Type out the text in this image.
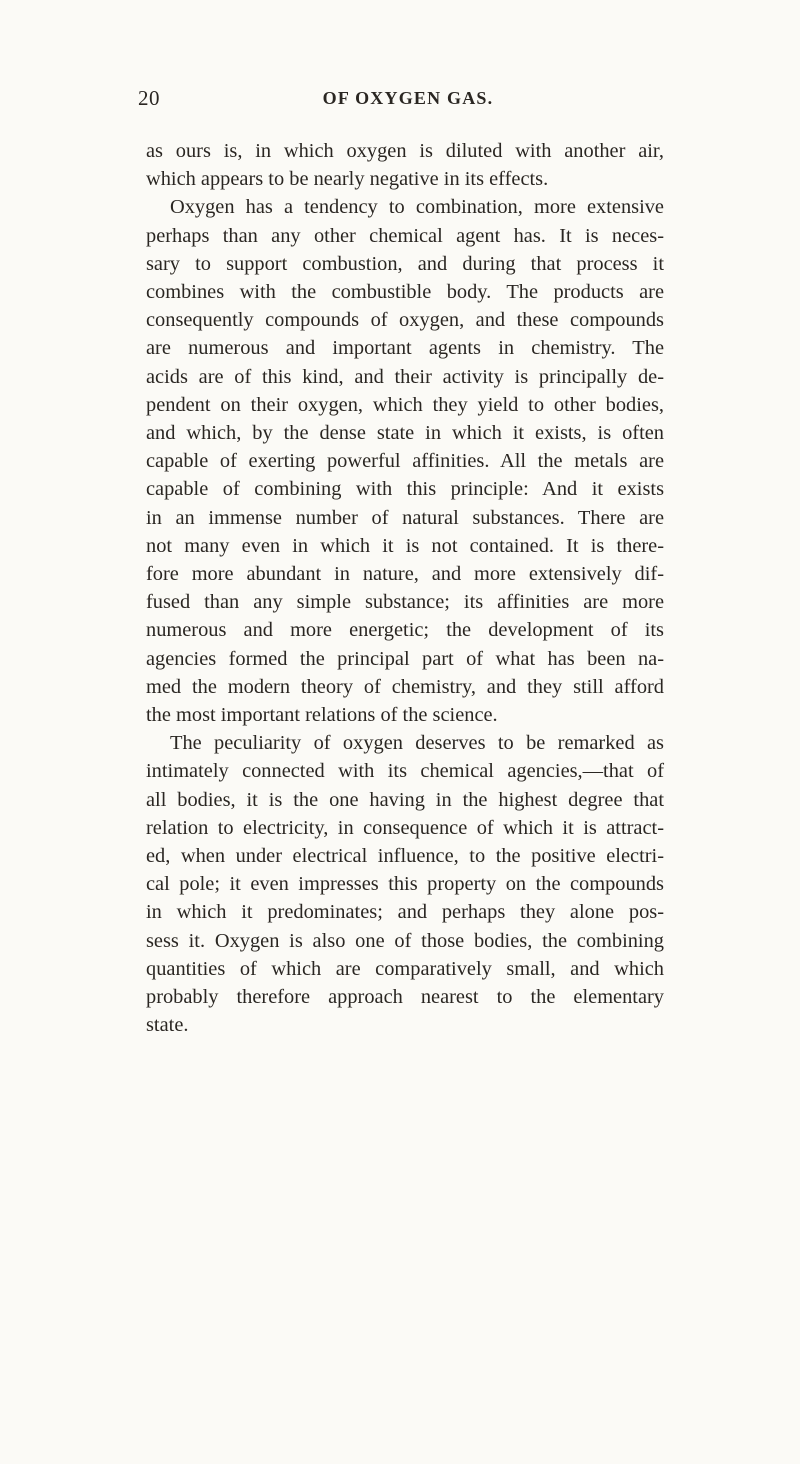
20	OF OXYGEN GAS.

as ours is, in which oxygen is diluted with another air,
which appears to be nearly negative in its effects.

Oxygen has a tendency to combination, more extensive
perhaps than any other chemical agent has. It is neces-
sary to support combustion, and during that process it
combines with the combustible body. The products are
consequently compounds of oxygen, and these compounds
are numerous and important agents in chemistry. The
acids are of this kind, and their activity is principally de-
pendent on their oxygen, which they yield to other bodies,
and which, by the dense state in which it exists, is often
capable of exerting powerful affinities. All the metals are
capable of combining with this principle: And it exists
in an immense number of natural substances. There are
not many even in which it is not contained. It is there-
fore more abundant in nature, and more extensively dif-
fused than any simple substance; its affinities are more
numerous and more energetic; the development of its
agencies formed the principal part of what has been na-
med the modern theory of chemistry, and they still afford
the most important relations of the science.

The peculiarity of oxygen deserves to be remarked as
intimately connected with its chemical agencies,—that of
all bodies, it is the one having in the highest degree that
relation to electricity, in consequence of which it is attract-
ed, when under electrical influence, to the positive electri-
cal pole; it even impresses this property on the compounds
in which it predominates; and perhaps they alone pos-
sess it. Oxygen is also one of those bodies, the combining
quantities of which are comparatively small, and which
probably therefore approach nearest to the elementary
state.
